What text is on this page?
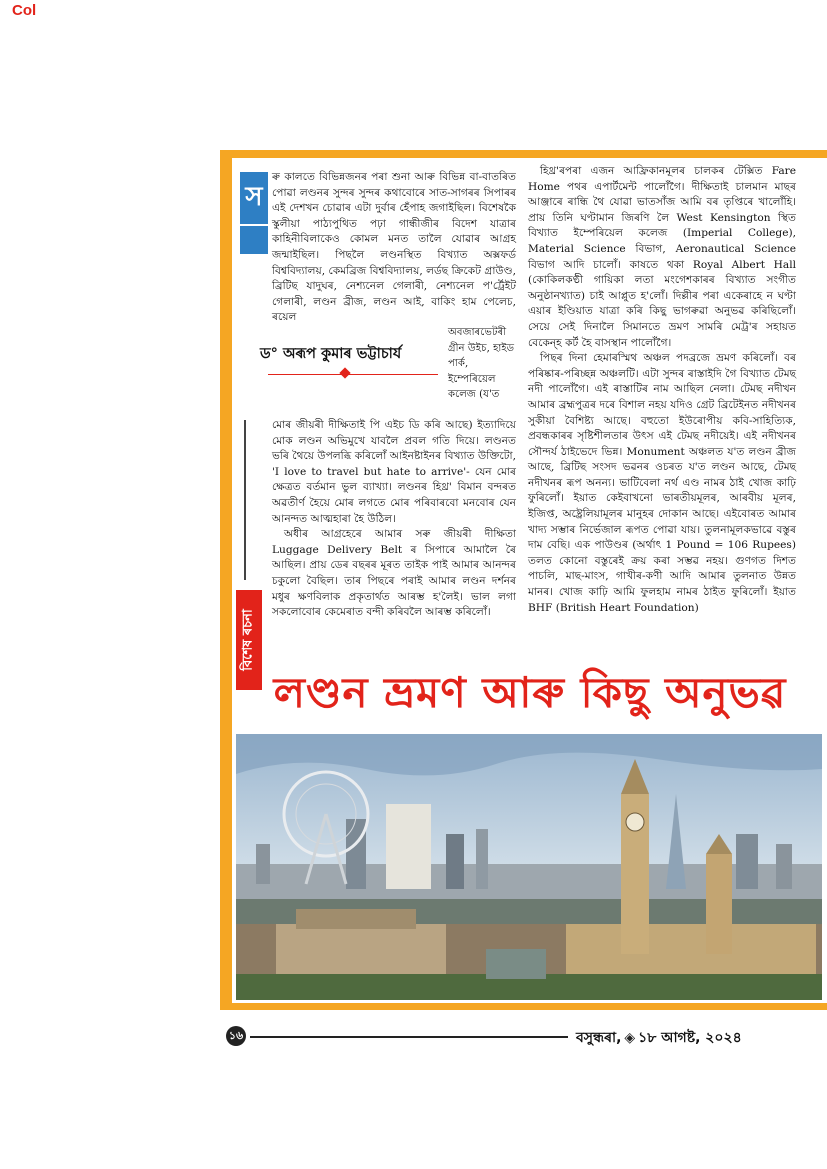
Col
স
বিশেষ ৰচনা

ৰু কালতে বিভিন্নজনৰ পৰা শুনা আৰু বিভিন্ন বা-বাতৰিত পোৱা লণ্ডনৰ সুন্দৰ সুন্দৰ কথাবোৰে সাত-সাগৰৰ সিপাৰৰ এই দেশখন চোৱাৰ এটা দুৰ্বাৰ হেঁপাহ জগাইছিল। বিশেষকৈ স্কুলীয়া পাঠ্যপুথিত পঢ়া গান্ধীজীৰ বিদেশ যাত্ৰাৰ কাহিনীবিলাকেও কোমল মনত তালৈ যোৱাৰ আগ্ৰহ জন্মাইছিল। পিছলৈ লণ্ডনস্থিত বিখ্যাত অক্সফৰ্ড বিশ্ববিদ্যালয়, কেমব্ৰিজ বিশ্ববিদ্যালয়, লৰ্ডছ ক্ৰিকেট গ্ৰাউণ্ড, ব্ৰিটিছ যাদুঘৰ, নেশ্যনেল গেলাৰী, নেশ্যনেল প'ৰ্ট্ৰেইট গেলাৰী, লণ্ডন ব্ৰীজ, লণ্ডন আই, বাকিং হাম পেলেচ, ৰয়েল

অবজাৰভেটৰী গ্ৰীন উইচ, হাইড পাৰ্ক, ইম্পেৰিয়েল কলেজ (য'ত
ড° অৰূপ কুমাৰ ভট্টাচাৰ্য

মোৰ জীয়ৰী দীক্ষিতাই পি এইচ ডি কৰি আছে) ইত্যাদিয়ে মোক লণ্ডন অভিমুখে যাবলৈ প্ৰবল গতি দিয়ে। লণ্ডনত ভৰি থৈয়ে উপলব্ধি কৰিলোঁ আইনষ্টাইনৰ বিখ্যাত উক্তিটো, 'I love to travel but hate to arrive'- যেন মোৰ ক্ষেত্ৰত বৰ্তমান ভুল ব্যাখ্যা। লণ্ডনৰ হিথ্ৰ' বিমান বন্দৰত অৱতীৰ্ণ হৈয়ে মোৰ লগতে মোৰ পৰিবাৰবো মনবোৰ যেন আনন্দত আত্মহাৰা হৈ উঠিল।

অধীৰ আগ্ৰহেৰে আমাৰ সৰু জীয়ৰী দীক্ষিতা Luggage Delivery Belt ৰ সিপাৰে আমালৈ ৰৈ আছিল। প্ৰায় ডেৰ বছৰৰ মূৰত তাইক পাই আমাৰ আনন্দৰ চকুলো বৈছিল। তাৰ পিছৰে পৰাই আমাৰ লণ্ডন দৰ্শনৰ মধুৰ ক্ষণবিলাক প্ৰকৃতাৰ্থত আৰম্ভ হ'লৈই। ভাল লগা সকলোবোৰ কেমেৰাত বন্দী কৰিবলৈ আৰম্ভ কৰিলোঁ।

হিথ্ৰ'ৰপৰা এজন আফ্ৰিকানমূলৰ চালকৰ টেক্সিত Fare Home পথৰ এপাৰ্টমেন্ট পালোঁগৈ। দীক্ষিতাই চালমান মাছৰ আঞ্জাৰে ৰান্ধি থৈ যোৱা ভাতসাঁজ আমি বৰ তৃপ্তিৰে খালোঁহি। প্ৰায় তিনি ঘণ্টামান জিৰণি লৈ West Kensington স্থিত বিখ্যাত ইম্পেৰিয়েল কলেজ (Imperial College), Material Science বিভাগ, Aeronautical Science বিভাগ আদি চালোঁ। কাষতে থকা Royal Albert Hall (কোকিলকণ্ঠী গায়িকা লতা মংগেশকাৰৰ বিখ্যাত সংগীত অনুষ্ঠানখ্যাত) চাই আপ্লুত হ'লোঁ। দিল্লীৰ পৰা একেৰাহে ন ঘণ্টা এয়াৰ ইণ্ডিয়াত যাত্ৰা কৰি কিছু ভাগৰুৱা অনুভৱ কৰিছিলোঁ। সেয়ে সেই দিনালৈ সিমানতে ভ্ৰমণ সামৰি মেট্ৰ'ৰ সহায়ত বেকেন্হ কৰ্ট হৈ বাসস্থান পালোঁগৈ।

পিছৰ দিনা হেমাৰস্মিথ অঞ্চল পদব্ৰজে ভ্ৰমণ কৰিলোঁ। বৰ পৰিষ্কাৰ-পৰিচ্ছন্ন অঞ্চলটি। এটা সুন্দৰ ৰাস্তাইদি গৈ বিখ্যাত টেমছ নদী পালোঁগৈ। এই ৰাস্তাটিৰ নাম আছিল নেলা। টেমছ নদীখন আমাৰ ব্ৰহ্মপুত্ৰৰ দৰে বিশাল নহয় যদিও গ্ৰেট ব্ৰিটেইনত নদীখনৰ সুকীয়া বৈশিষ্ট্য আছে। বহুতো ইউৰোপীয় কবি-সাহিত্যিক, প্ৰবন্ধকাৰৰ সৃষ্টিশীলতাৰ উৎস এই টেমছ নদীয়েই। এই নদীখনৰ সৌন্দৰ্য ঠাইভেদে ভিন্ন। Monument অঞ্চলত য'ত লণ্ডন ব্ৰীজ আছে, ব্ৰিটিছ সংসদ ভৱনৰ ওচৰত য'ত লণ্ডন আছে, টেমছ নদীখনৰ ৰূপ অনন্য। ভাটিবেলা নৰ্থ এণ্ড নামৰ ঠাই খোজ কাঢ়ি ফুৰিলোঁ। ইয়াত কেইবাখনো ভাৰতীয়মূলৰ, আৰবীয় মূলৰ, ইজিপ্ত, অষ্ট্ৰেলিয়ামূলৰ মানুহৰ দোকান আছে। এইবোৰত আমাৰ খাদ্য সম্ভাৰ নিৰ্ভেজাল ৰূপত পোৱা যায়। তুলনামূলকভাৱে বস্তুৰ দাম বেছি। এক পাউণ্ডৰ (অৰ্থাৎ 1 Pound = 106 Rupees) তলত কোনো বস্তুৰেই ক্ৰয় কৰা সম্ভৱ নহয়। গুণগত দিশত পাচলি, মাছ-মাংস, গাখীৰ-কণী আদি আমাৰ তুলনাত উন্নত মানৰ। খোজ কাঢ়ি আমি ফুলহাম নামৰ ঠাইত ফুৰিলোঁ। ইয়াত BHF (British Heart Foundation)

লণ্ডন ভ্ৰমণ আৰু কিছু অনুভৱ
১৬	বসুন্ধৰা, ◈ ১৮ আগষ্ট, ২০২৪
